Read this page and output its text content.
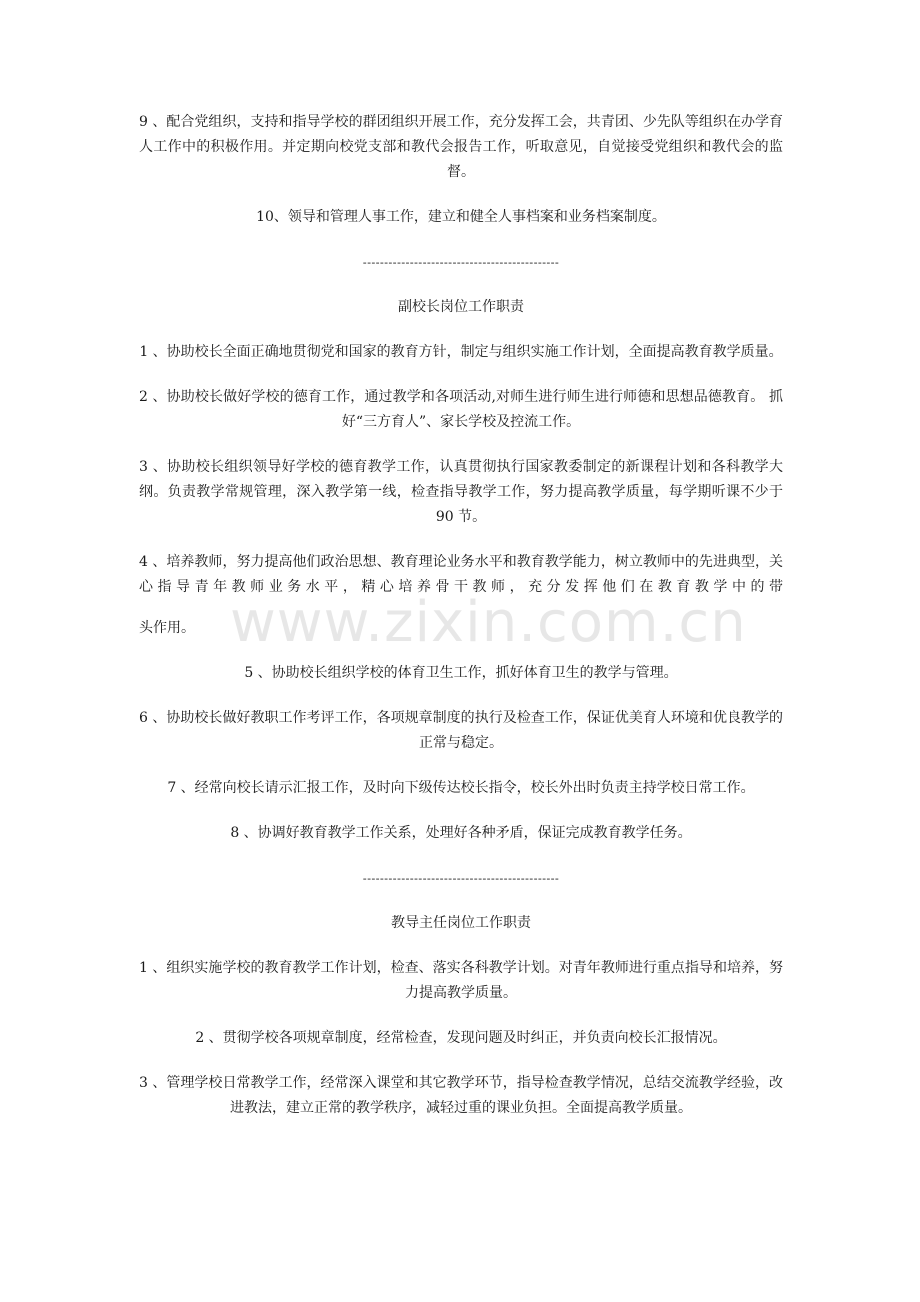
www.zixin.com.cn

9 、配合党组织，支持和指导学校的群团组织开展工作，充分发挥工会，共青团、少先队等组织在办学育人工作中的积极作用。并定期向校党支部和教代会报告工作，听取意见，自觉接受党组织和教代会的监督。

10、领导和管理人事工作，建立和健全人事档案和业务档案制度。

----------------------------------------------
副校长岗位工作职责

1 、协助校长全面正确地贯彻党和国家的教育方针，制定与组织实施工作计划，全面提高教育教学质量。

2 、协助校长做好学校的德育工作，通过教学和各项活动,对师生进行师生进行师德和思想品德教育。 抓好“三方育人”、家长学校及控流工作。

3 、协助校长组织领导好学校的德育教学工作，认真贯彻执行国家教委制定的新课程计划和各科教学大纲。负责教学常规管理，深入教学第一线，检查指导教学工作，努力提高教学质量，每学期听课不少于 90 节。

4 、培养教师，努力提高他们政治思想、教育理论业务水平和教育教学能力，树立教师中的先进典型，关心指导青年教师业务水平，精心培养骨干教师，充分发挥他们在教育教学中的带

头作用。

5 、协助校长组织学校的体育卫生工作，抓好体育卫生的教学与管理。

6 、协助校长做好教职工作考评工作，各项规章制度的执行及检查工作，保证优美育人环境和优良教学的正常与稳定。

7 、经常向校长请示汇报工作，及时向下级传达校长指令，校长外出时负责主持学校日常工作。

8 、协调好教育教学工作关系，处理好各种矛盾，保证完成教育教学任务。

----------------------------------------------
教导主任岗位工作职责

1 、组织实施学校的教育教学工作计划，检查、落实各科教学计划。对青年教师进行重点指导和培养，努力提高教学质量。

2 、贯彻学校各项规章制度，经常检查，发现问题及时纠正，并负责向校长汇报情况。

3 、管理学校日常教学工作，经常深入课堂和其它教学环节，指导检查教学情况，总结交流教学经验，改进教法，建立正常的教学秩序，减轻过重的课业负担。全面提高教学质量。
